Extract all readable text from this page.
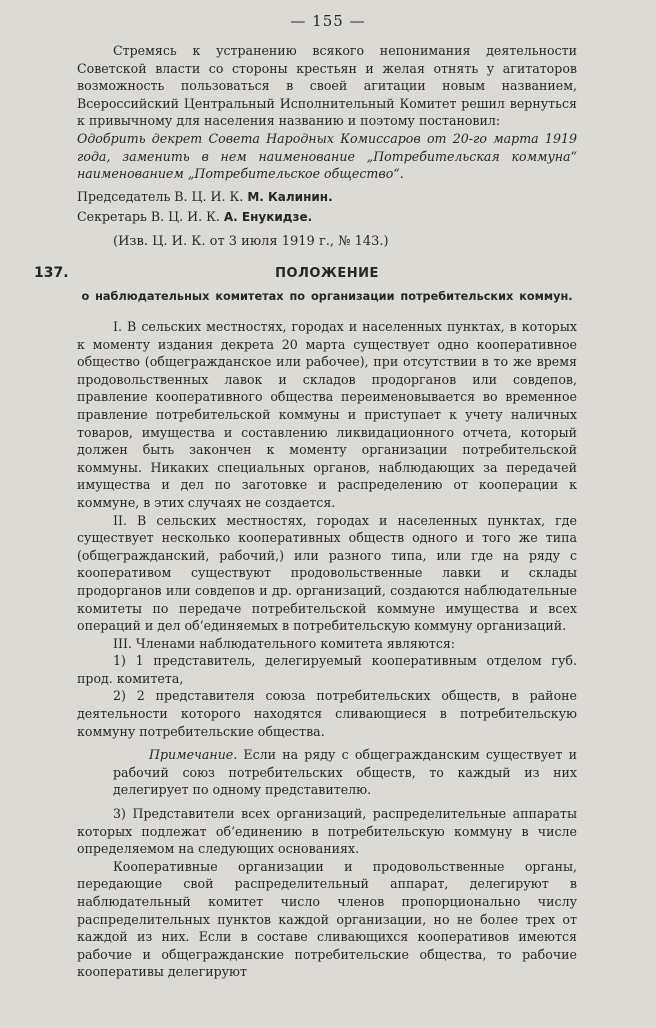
— 155 —

Стремясь к устранению всякого непонимания деятельности Советской власти со стороны крестьян и желая отнять у агитаторов возможность пользоваться в своей агитации новым названием, Всероссийский Центральный Исполнительный Комитет решил вернуться к привычному для населения названию и поэтому постановил:

Одобрить декрет Совета Народных Комиссаров от 20-го марта 1919 года, заменить в нем наименование „Потребительская коммуна“ наименованием „Потребительское общество“.

Председатель В. Ц. И. К. М. Калинин.

Секретарь В. Ц. И. К. А. Енукидзе.

(Изв. Ц. И. К. от 3 июля 1919 г., № 143.)

137.	ПОЛОЖЕНИЕ
о наблюдательных комитетах по организации потребительских коммун.

I. В сельских местностях, городах и населенных пунктах, в которых к моменту издания декрета 20 марта существует одно кооперативное общество (общегражданское или рабочее), при отсутствии в то же время продовольственных лавок и складов продорганов или совдепов, правление кооперативного общества переименовывается во временное правление потребительской коммуны и приступает к учету наличных товаров, имущества и составлению ликвидационного отчета, который должен быть закончен к моменту организации потребительской коммуны. Никаких специальных органов, наблюдающих за передачей имущества и дел по заготовке и распределению от кооперации к коммуне, в этих случаях не создается.

II. В сельских местностях, городах и населенных пунктах, где существует несколько кооперативных обществ одного и того же типа (общегражданский, рабочий,) или разного типа, или где на ряду с кооперативом существуют продовольственные лавки и склады продорганов или совдепов и др. организаций, создаются наблюдательные комитеты по передаче потребительской коммуне имущества и всех операций и дел об‘единяемых в потребительскую коммуну организаций.

III. Членами наблюдательного комитета являются:

1) 1 представитель, делегируемый кооперативным отделом губ. прод. комитета,

2) 2 представителя союза потребительских обществ, в районе деятельности которого находятся сливающиеся в потребительскую коммуну потребительские общества.

Примечание. Если на ряду с общегражданским существует и рабочий союз потребительских обществ, то каждый из них делегирует по одному представителю.

3) Представители всех организаций, распределительные аппараты которых подлежат об‘единению в потребительскую коммуну в числе определяемом на следующих основаниях.

Кооперативные организации и продовольственные органы, передающие свой распределительный аппарат, делегируют в наблюдательный комитет число членов пропорционально числу распределительных пунктов каждой организации, но не более трех от каждой из них. Если в составе сливающихся кооперативов имеются рабочие и общегражданские потребительские общества, то рабочие кооперативы делегируют
